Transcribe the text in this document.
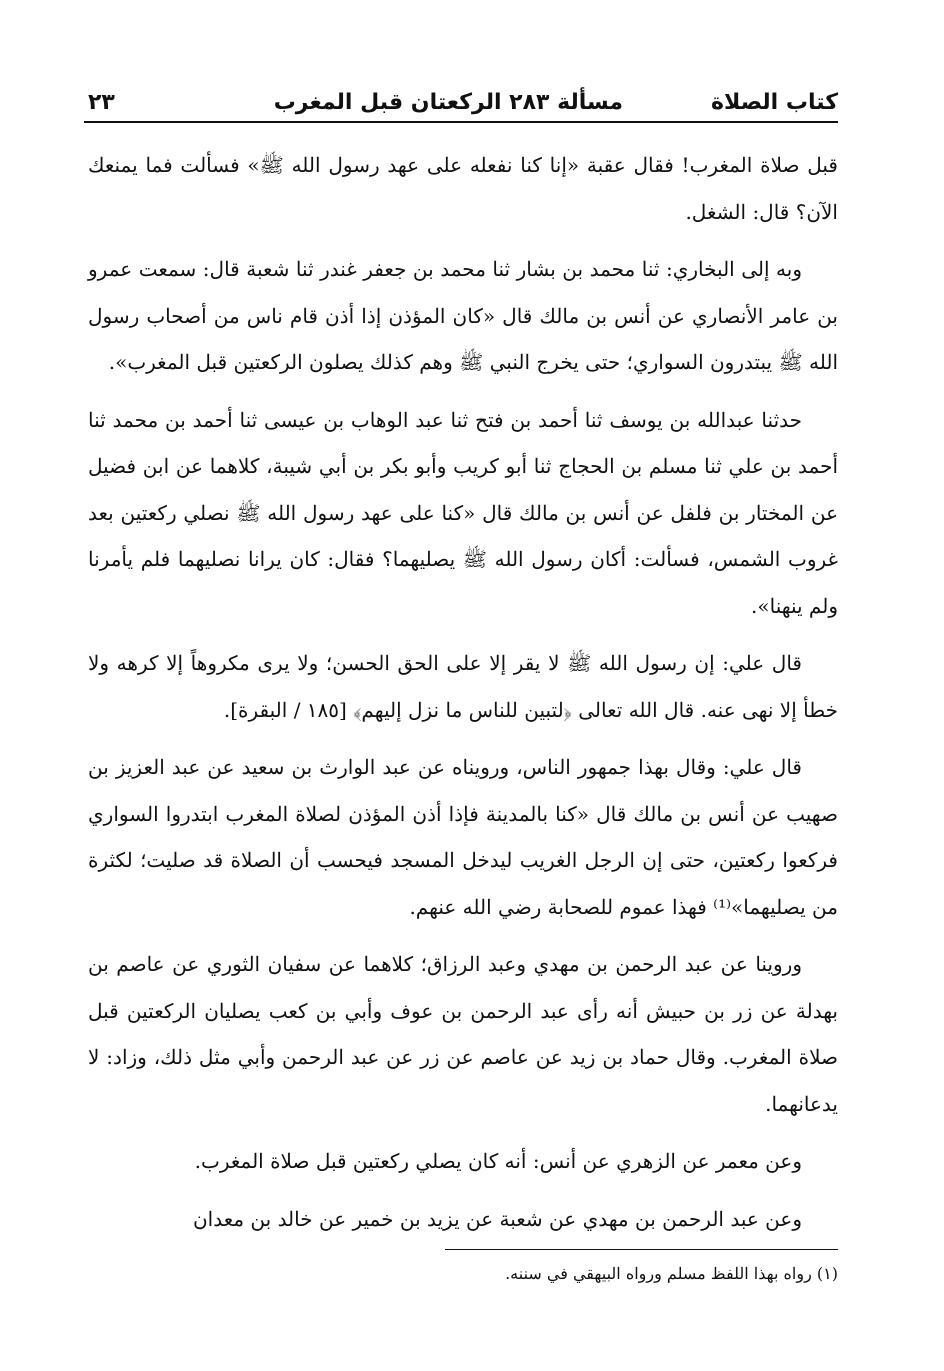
كتاب الصلاة
مسألة ٢٨٣ الركعتان قبل المغرب
٢٣

قبل صلاة المغرب! فقال عقبة «إنا كنا نفعله على عهد رسول الله ﷺ» فسألت فما يمنعك الآن؟ قال: الشغل.

وبه إلى البخاري: ثنا محمد بن بشار ثنا محمد بن جعفر غندر ثنا شعبة قال: سمعت عمرو بن عامر الأنصاري عن أنس بن مالك قال «كان المؤذن إذا أذن قام ناس من أصحاب رسول الله ﷺ يبتدرون السواري؛ حتى يخرج النبي ﷺ وهم كذلك يصلون الركعتين قبل المغرب».

حدثنا عبدالله بن يوسف ثنا أحمد بن فتح ثنا عبد الوهاب بن عيسى ثنا أحمد بن محمد ثنا أحمد بن علي ثنا مسلم بن الحجاج ثنا أبو كريب وأبو بكر بن أبي شيبة، كلاهما عن ابن فضيل عن المختار بن فلفل عن أنس بن مالك قال «كنا على عهد رسول الله ﷺ نصلي ركعتين بعد غروب الشمس، فسألت: أكان رسول الله ﷺ يصليهما؟ فقال: كان يرانا نصليهما فلم يأمرنا ولم ينهنا».

قال علي: إن رسول الله ﷺ لا يقر إلا على الحق الحسن؛ ولا يرى مكروهاً إلا كرهه ولا خطأ إلا نهى عنه. قال الله تعالى ﴿لتبين للناس ما نزل إليهم﴾ [١٨٥ / البقرة].

قال علي: وقال بهذا جمهور الناس، ورويناه عن عبد الوارث بن سعيد عن عبد العزيز بن صهيب عن أنس بن مالك قال «كنا بالمدينة فإذا أذن المؤذن لصلاة المغرب ابتدروا السواري فركعوا ركعتين، حتى إن الرجل الغريب ليدخل المسجد فيحسب أن الصلاة قد صليت؛ لكثرة من يصليهما»⁽¹⁾ فهذا عموم للصحابة رضي الله عنهم.

وروينا عن عبد الرحمن بن مهدي وعبد الرزاق؛ كلاهما عن سفيان الثوري عن عاصم بن بهدلة عن زر بن حبيش أنه رأى عبد الرحمن بن عوف وأبي بن كعب يصليان الركعتين قبل صلاة المغرب. وقال حماد بن زيد عن عاصم عن زر عن عبد الرحمن وأبي مثل ذلك، وزاد: لا يدعانهما.

وعن معمر عن الزهري عن أنس: أنه كان يصلي ركعتين قبل صلاة المغرب.

وعن عبد الرحمن بن مهدي عن شعبة عن يزيد بن خمير عن خالد بن معدان

(١) رواه بهذا اللفظ مسلم ورواه البيهقي في سننه.
